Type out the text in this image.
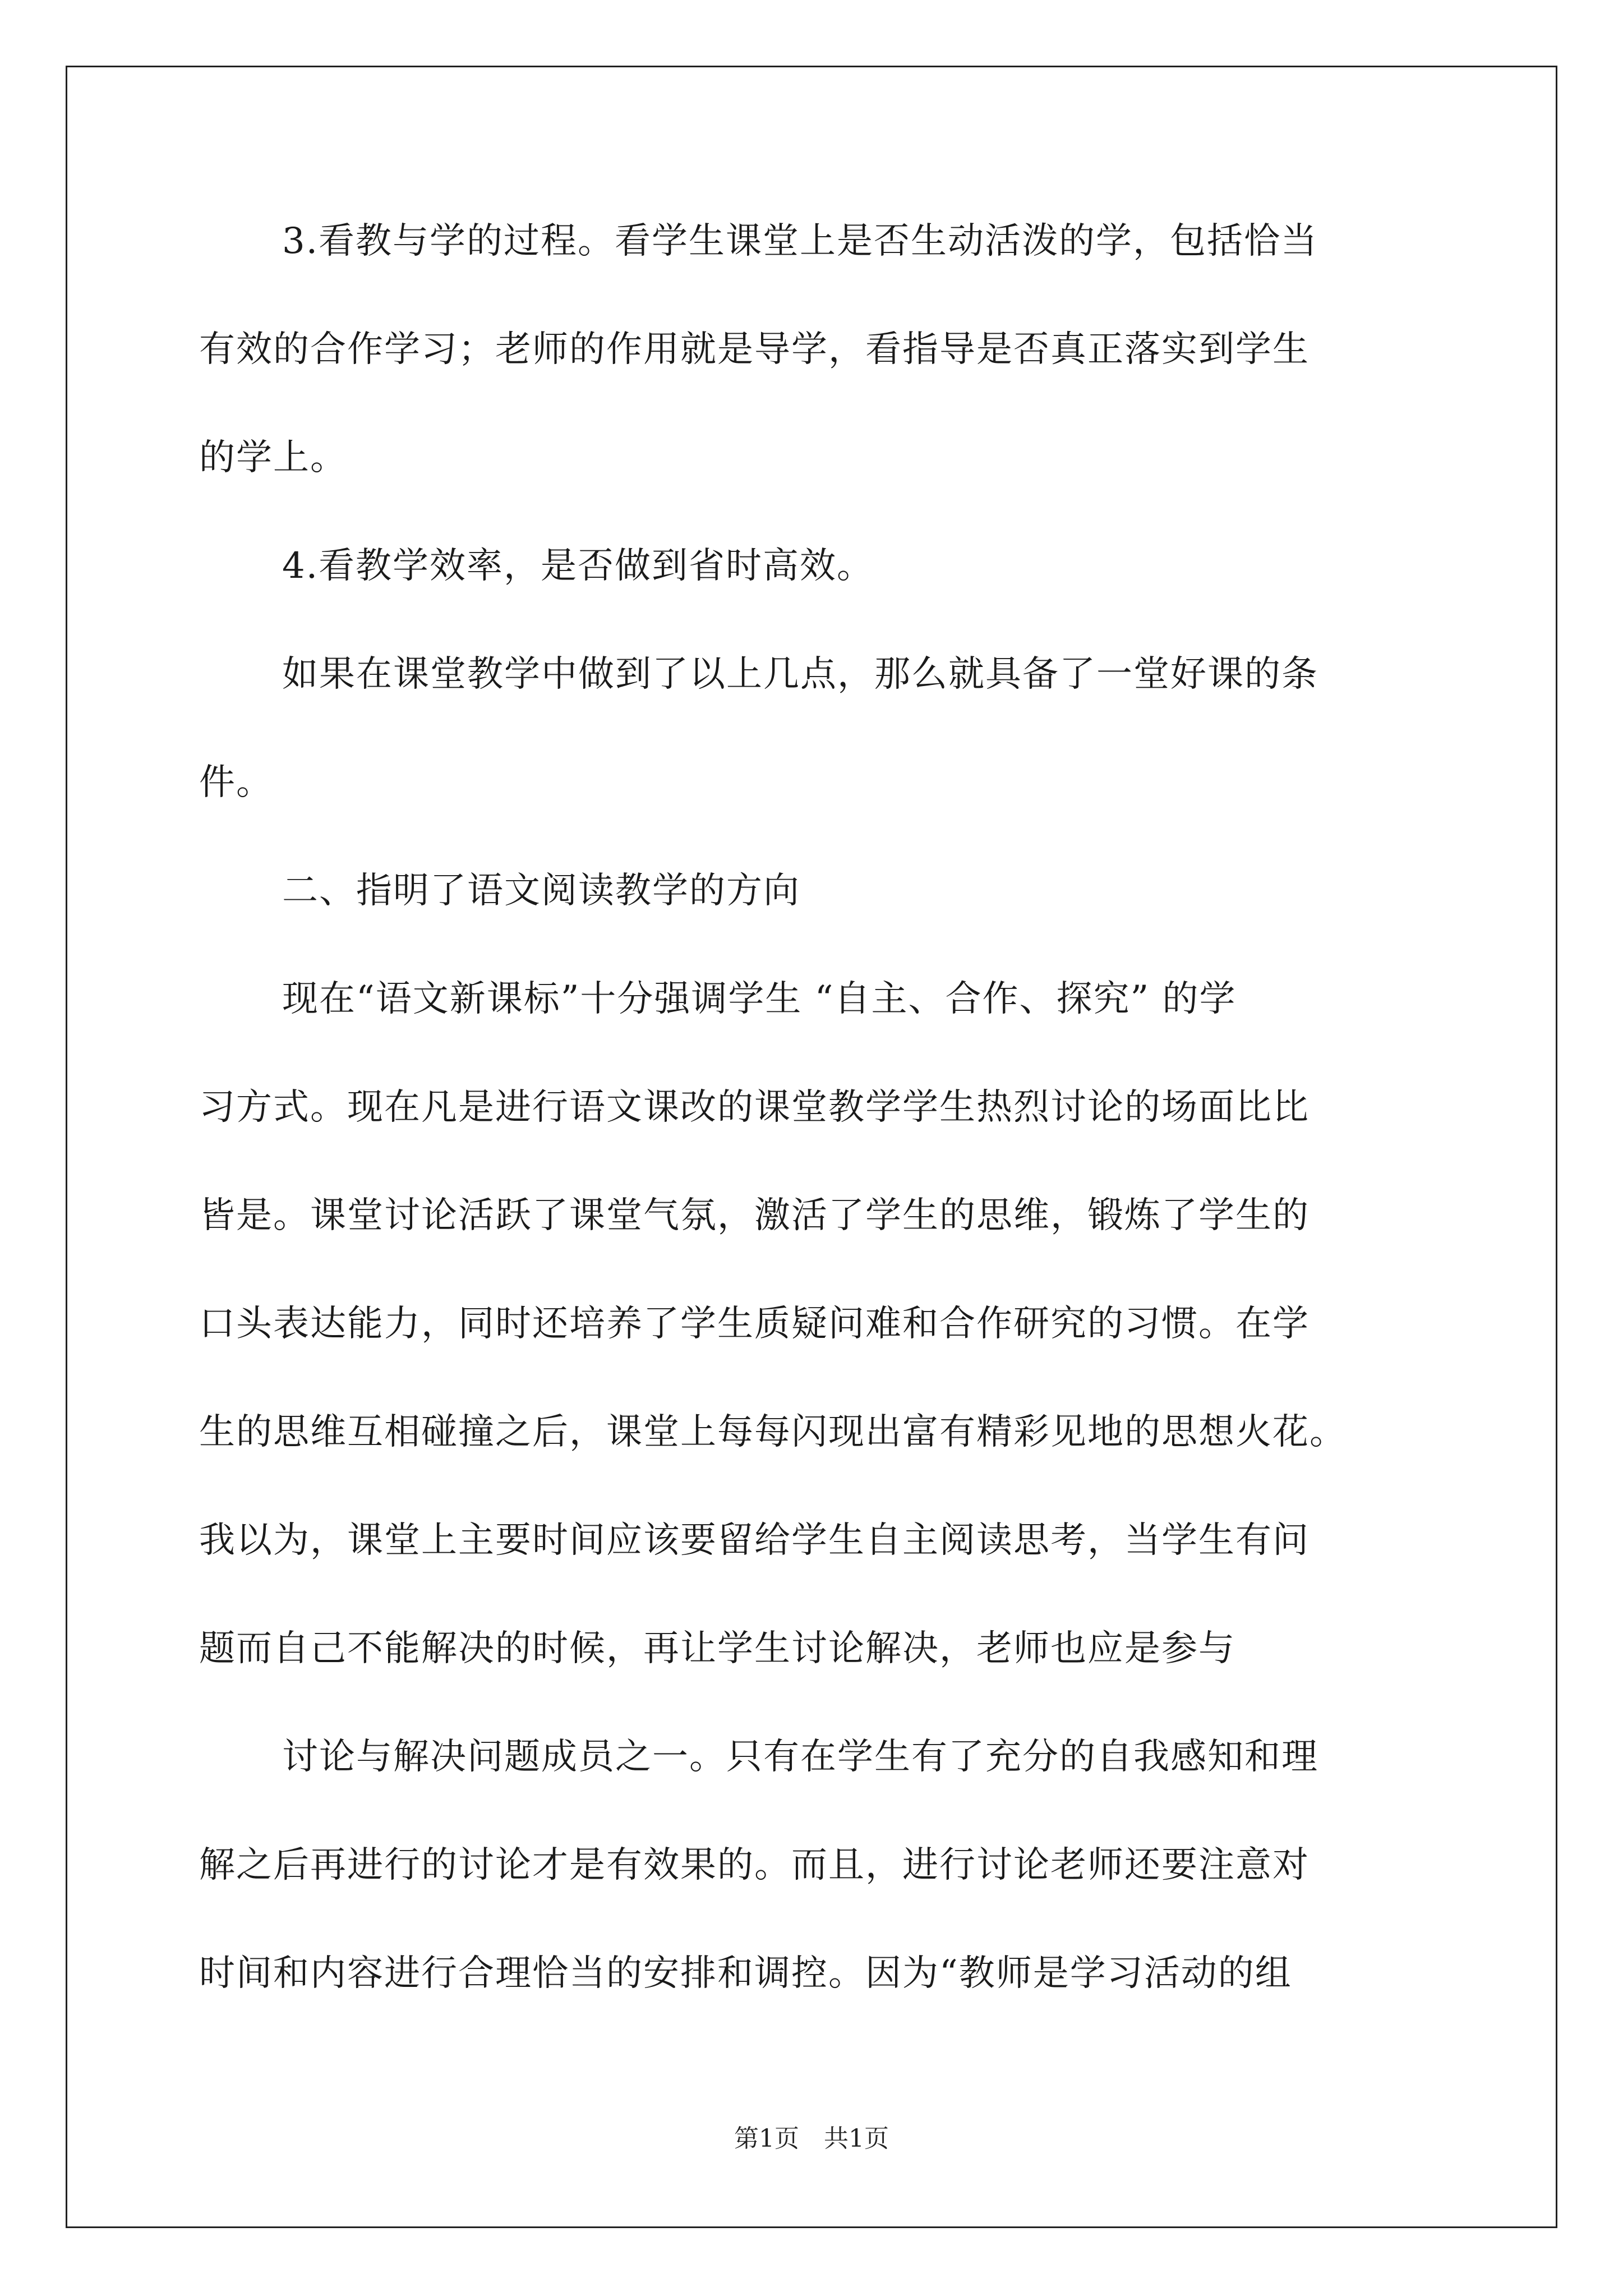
3.看教与学的过程。看学生课堂上是否生动活泼的学，包括恰当
有效的合作学习；老师的作用就是导学，看指导是否真正落实到学生
的学上。
4.看教学效率，是否做到省时高效。
如果在课堂教学中做到了以上几点，那么就具备了一堂好课的条
件。
二、指明了语文阅读教学的方向
现在“语文新课标”十分强调学生 “自主、合作、探究” 的学
习方式。现在凡是进行语文课改的课堂教学学生热烈讨论的场面比比
皆是。课堂讨论活跃了课堂气氛，激活了学生的思维，锻炼了学生的
口头表达能力，同时还培养了学生质疑问难和合作研究的习惯。在学
生的思维互相碰撞之后，课堂上每每闪现出富有精彩见地的思想火花。
我以为，课堂上主要时间应该要留给学生自主阅读思考，当学生有问
题而自己不能解决的时候，再让学生讨论解决，老师也应是参与
讨论与解决问题成员之一。只有在学生有了充分的自我感知和理
解之后再进行的讨论才是有效果的。而且，进行讨论老师还要注意对
时间和内容进行合理恰当的安排和调控。因为“教师是学习活动的组
第1页　共1页
